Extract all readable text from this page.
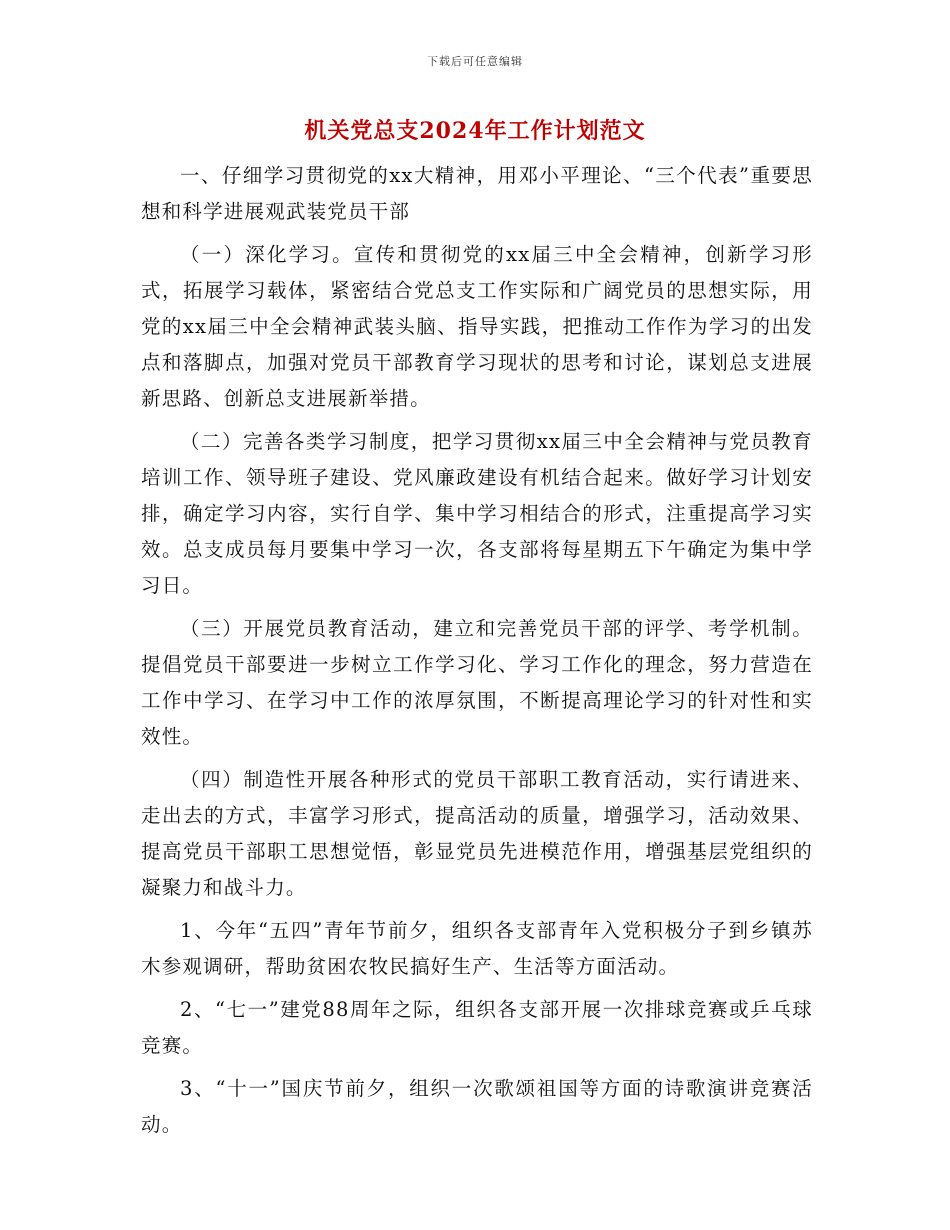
下载后可任意编辑
机关党总支2024年工作计划范文

一、仔细学习贯彻党的xx大精神，用邓小平理论、“三个代表”重要思想和科学进展观武装党员干部

（一）深化学习。宣传和贯彻党的xx届三中全会精神，创新学习形式，拓展学习载体，紧密结合党总支工作实际和广阔党员的思想实际，用党的xx届三中全会精神武装头脑、指导实践，把推动工作作为学习的出发点和落脚点，加强对党员干部教育学习现状的思考和讨论，谋划总支进展新思路、创新总支进展新举措。

（二）完善各类学习制度，把学习贯彻xx届三中全会精神与党员教育培训工作、领导班子建设、党风廉政建设有机结合起来。做好学习计划安排，确定学习内容，实行自学、集中学习相结合的形式，注重提高学习实效。总支成员每月要集中学习一次，各支部将每星期五下午确定为集中学习日。

（三）开展党员教育活动，建立和完善党员干部的评学、考学机制。提倡党员干部要进一步树立工作学习化、学习工作化的理念，努力营造在工作中学习、在学习中工作的浓厚氛围，不断提高理论学习的针对性和实效性。

（四）制造性开展各种形式的党员干部职工教育活动，实行请进来、走出去的方式，丰富学习形式，提高活动的质量，增强学习，活动效果、提高党员干部职工思想觉悟，彰显党员先进模范作用，增强基层党组织的凝聚力和战斗力。

1、今年“五四”青年节前夕，组织各支部青年入党积极分子到乡镇苏木参观调研，帮助贫困农牧民搞好生产、生活等方面活动。

2、“七一”建党88周年之际，组织各支部开展一次排球竞赛或乒乓球竞赛。

3、“十一”国庆节前夕，组织一次歌颂祖国等方面的诗歌演讲竞赛活动。
